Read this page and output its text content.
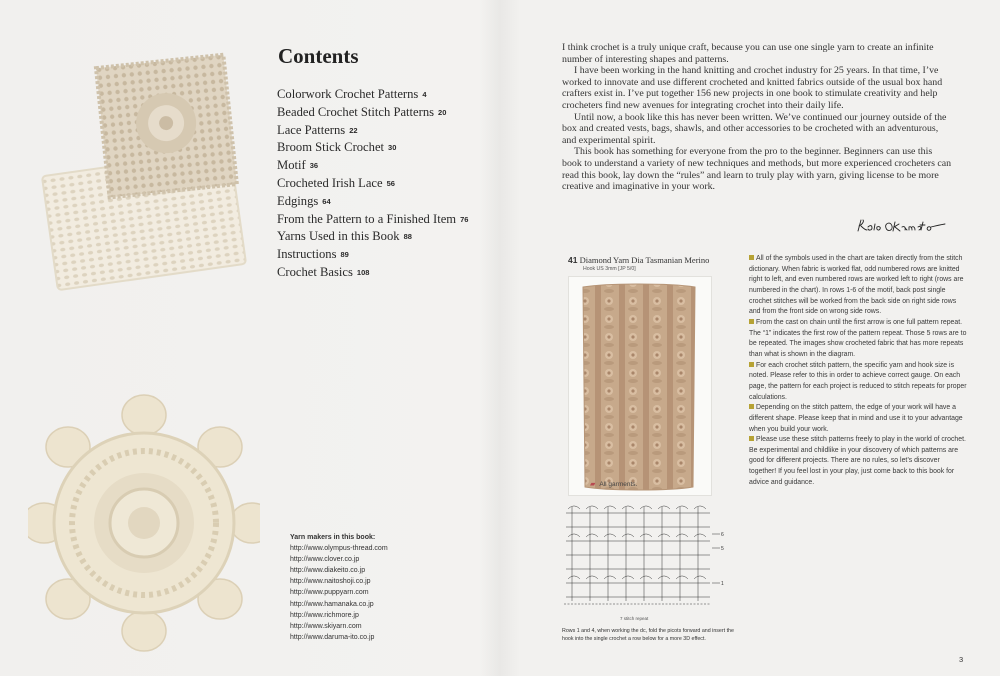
Contents
Colorwork Crochet Patterns 4
Beaded Crochet Stitch Patterns 20
Lace Patterns 22
Broom Stick Crochet 30
Motif 36
Crocheted Irish Lace 56
Edgings 64
From the Pattern to a Finished Item 76
Yarns Used in this Book 88
Instructions 89
Crochet Basics 108
Yarn makers in this book:
http://www.olympus-thread.com
http://www.clover.co.jp
http://www.diakeito.co.jp
http://www.naitoshoji.co.jp
http://www.puppyarn.com
http://www.hamanaka.co.jp
http://www.richmore.jp
http://www.skiyarn.com
http://www.daruma-ito.co.jp

I think crochet is a truly unique craft, because you can use one single yarn to create an infinite number of interesting shapes and patterns.

I have been working in the hand knitting and crochet industry for 25 years. In that time, I’ve worked to innovate and use different crocheted and knitted fabrics outside of the usual box hand crafters exist in. I’ve put together 156 new projects in one book to stimulate creativity and help crocheters find new avenues for integrating crochet into their daily life.

Until now, a book like this has never been written. We’ve continued our journey outside of the box and created vests, bags, shawls, and other accessories to be crocheted with an adventurous, and experimental spirit.

This book has something for everyone from the pro to the beginner. Beginners can use this book to understand a variety of new techniques and methods, but more experienced crocheters can read this book, lay down the “rules” and learn to truly play with yarn, giving license to be more creative and imaginative in your work.

41 Diamond Yarn Dia Tasmanian Merino
Hook US 3mm [JP 5/0]
▰ All garments.
6
5
1
7 stitch repeat
Rows 1 and 4, when working the dc, fold the picots forward and insert the hook into the single crochet a row below for a more 3D effect.

All of the symbols used in the chart are taken directly from the stitch dictionary. When fabric is worked flat, odd numbered rows are knitted right to left, and even numbered rows are worked left to right (rows are numbered in the chart). In rows 1-6 of the motif, back post single crochet stitches will be worked from the back side on right side rows and from the front side on wrong side rows.

From the cast on chain until the first arrow is one full pattern repeat. The “1” indicates the first row of the pattern repeat. Those 5 rows are to be repeated. The images show crocheted fabric that has more repeats than what is shown in the diagram.

For each crochet stitch pattern, the specific yarn and hook size is noted. Please refer to this in order to achieve correct gauge. On each page, the pattern for each project is reduced to stitch repeats for proper calculations.

Depending on the stitch pattern, the edge of your work will have a different shape. Please keep that in mind and use it to your advantage when you build your work.

Please use these stitch patterns freely to play in the world of crochet. Be experimental and childlike in your discovery of which patterns are good for different projects. There are no rules, so let’s discover together! If you feel lost in your play, just come back to this book for advice and guidance.

3
